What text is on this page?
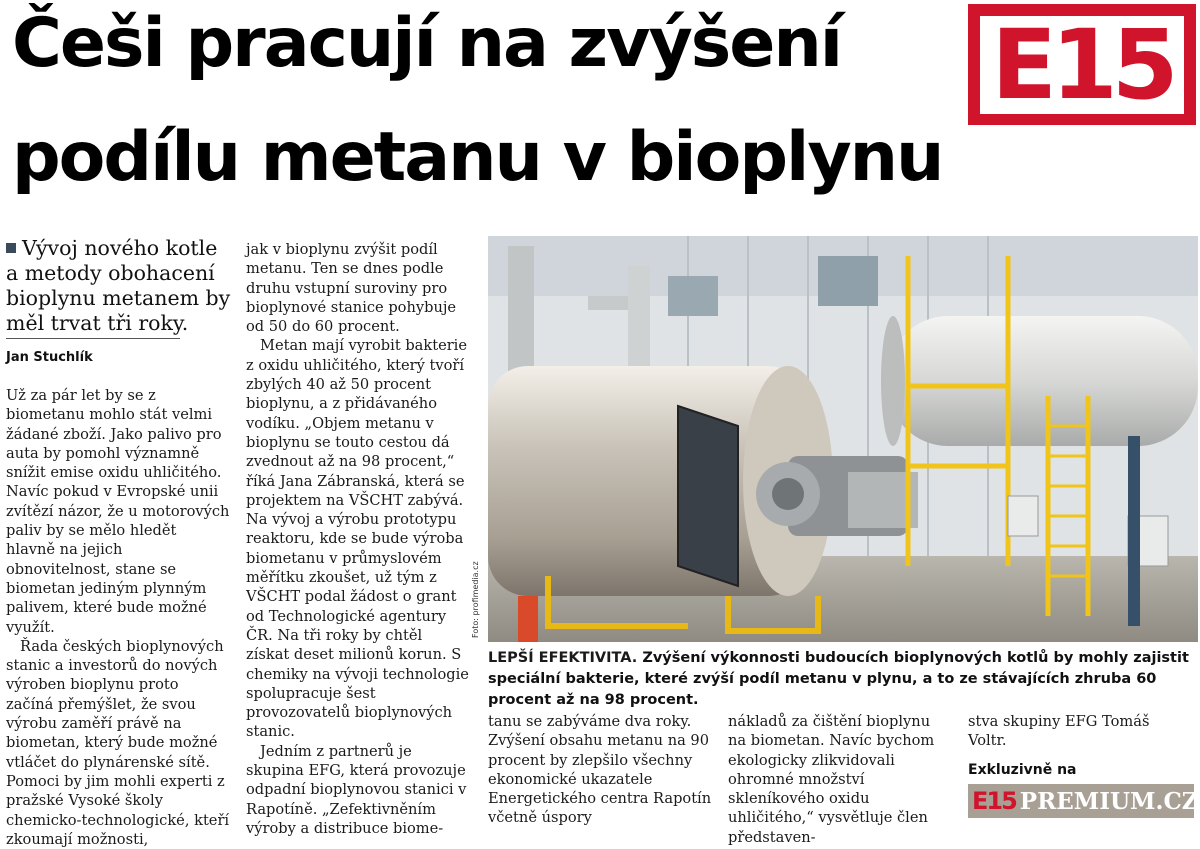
Češi pracují na zvýšení
podílu metanu v bioplynu
E15
Vývoj nového kotle a metody obohacení bioplynu metanem by měl trvat tři roky.
Jan Stuchlík

Už za pár let by se z biometanu mohlo stát velmi žádané zboží. Jako palivo pro auta by pomohl významně snížit emise oxidu uhličitého. Navíc pokud v Evropské unii zvítězí názor, že u motorových paliv by se mělo hledět hlavně na jejich obnovitelnost, stane se biometan jediným plynným palivem, které bude možné využít.

Řada českých bioplynových stanic a investorů do nových výroben bioplynu proto začíná přemýšlet, že svou výrobu zaměří právě na biometan, který bude možné vtláčet do plynárenské sítě. Pomoci by jim mohli experti z pražské Vysoké školy chemicko-technologické, kteří zkoumají možnosti,

jak v bioplynu zvýšit podíl metanu. Ten se dnes podle druhu vstupní suroviny pro bioplynové stanice pohybuje od 50 do 60 procent.

Metan mají vyrobit bakterie z oxidu uhličitého, který tvoří zbylých 40 až 50 procent bioplynu, a z přidávaného vodíku. „Objem metanu v bioplynu se touto cestou dá zvednout až na 98 procent,“ říká Jana Zábranská, která se projektem na VŠCHT zabývá. Na vývoj a výrobu prototypu reaktoru, kde se bude výroba biometanu v průmyslovém měřítku zkoušet, už tým z VŠCHT podal žádost o grant od Technologické agentury ČR. Na tři roky by chtěl získat deset milionů korun. S chemiky na vývoji technologie spolupracuje šest provozovatelů bioplynových stanic.

Jedním z partnerů je skupina EFG, která provozuje odpadní bioplynovou stanici v Rapotíně. „Zefektivněním výroby a distribuce biome-

Foto: profimedia.cz
LEPŠÍ EFEKTIVITA. Zvýšení výkonnosti budoucích bioplynových kotlů by mohly zajistit speciální bakterie, které zvýší podíl metanu v plynu, a to ze stávajících zhruba 60 procent až na 98 procent.

tanu se zabýváme dva roky. Zvýšení obsahu metanu na 90 procent by zlepšilo všechny ekonomické ukazatele Energetického centra Rapotín včetně úspory

nákladů za čištění bioplynu na biometan. Navíc bychom ekologicky zlikvidovali ohromné množství skleníkového oxidu uhličitého,“ vysvětluje člen představen-

stva skupiny EFG Tomáš Voltr.

Exkluzivně na
E15 PREMIUM.CZ
